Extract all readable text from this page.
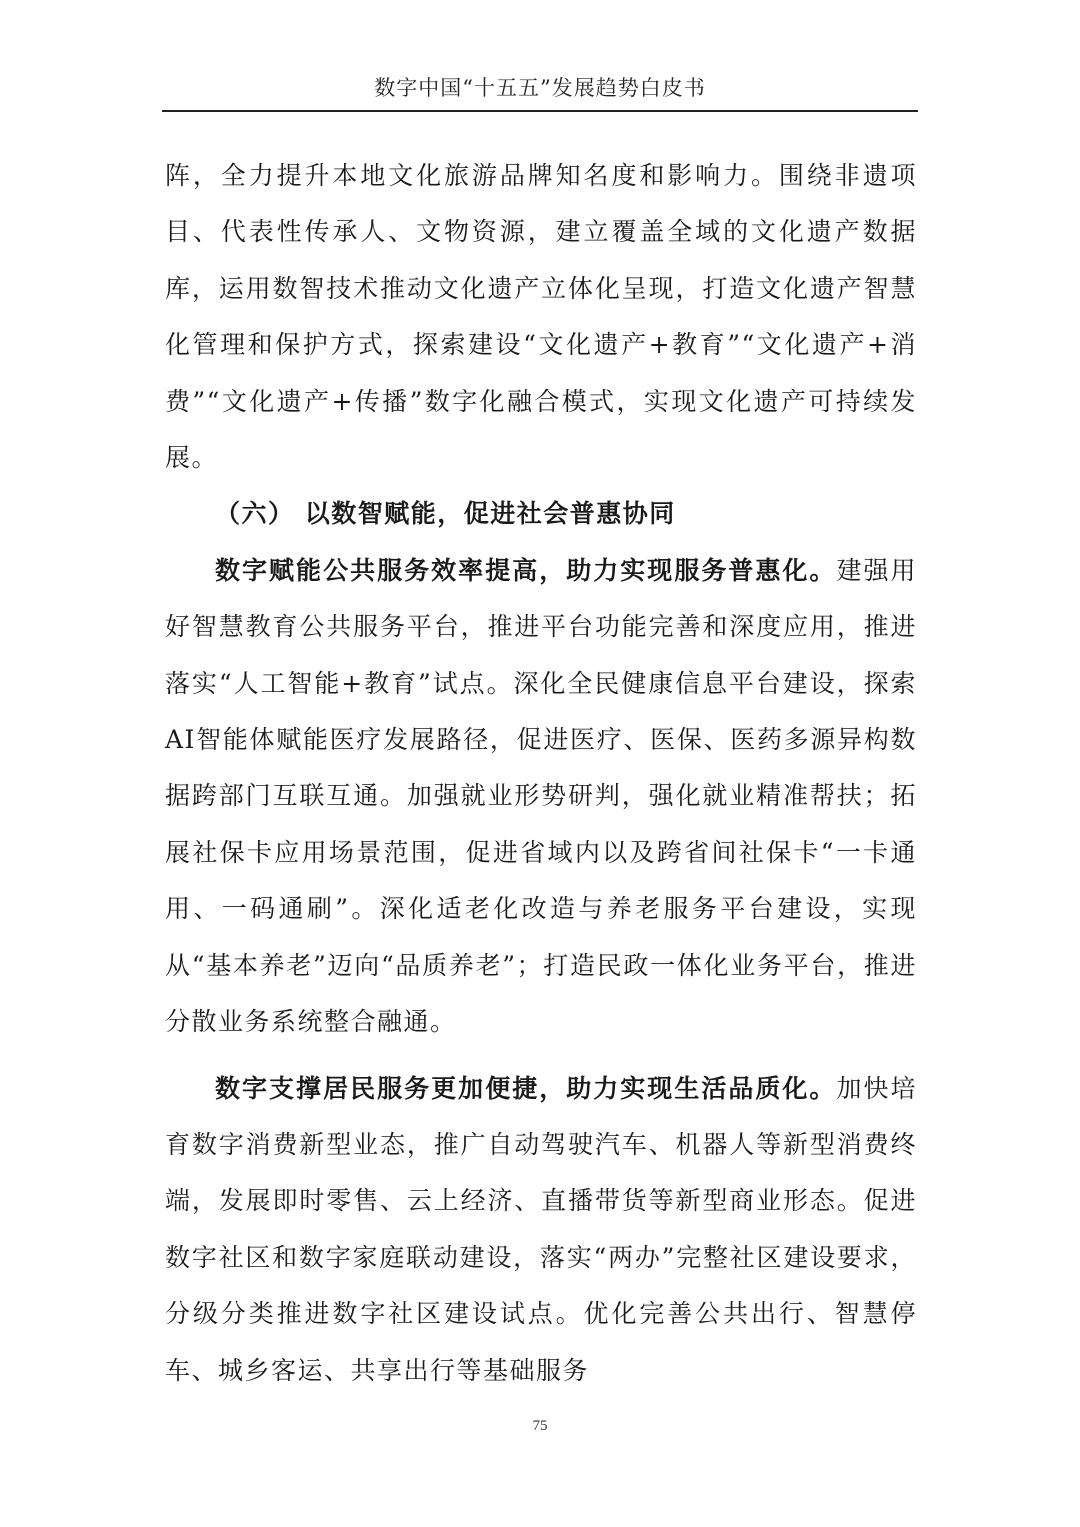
数字中国“十五五”发展趋势白皮书

阵，全力提升本地文化旅游品牌知名度和影响力。围绕非遗项目、代表性传承人、文物资源，建立覆盖全域的文化遗产数据库，运用数智技术推动文化遗产立体化呈现，打造文化遗产智慧化管理和保护方式，探索建设“文化遗产+教育”“文化遗产+消费”“文化遗产+传播”数字化融合模式，实现文化遗产可持续发展。

（六） 以数智赋能，促进社会普惠协同

数字赋能公共服务效率提高，助力实现服务普惠化。建强用好智慧教育公共服务平台，推进平台功能完善和深度应用，推进落实“人工智能+教育”试点。深化全民健康信息平台建设，探索AI智能体赋能医疗发展路径，促进医疗、医保、医药多源异构数据跨部门互联互通。加强就业形势研判，强化就业精准帮扶；拓展社保卡应用场景范围，促进省域内以及跨省间社保卡“一卡通用、一码通刷”。深化适老化改造与养老服务平台建设，实现从“基本养老”迈向“品质养老”；打造民政一体化业务平台，推进分散业务系统整合融通。

数字支撑居民服务更加便捷，助力实现生活品质化。加快培育数字消费新型业态，推广自动驾驶汽车、机器人等新型消费终端，发展即时零售、云上经济、直播带货等新型商业形态。促进数字社区和数字家庭联动建设，落实“两办”完整社区建设要求，分级分类推进数字社区建设试点。优化完善公共出行、智慧停车、城乡客运、共享出行等基础服务

75
